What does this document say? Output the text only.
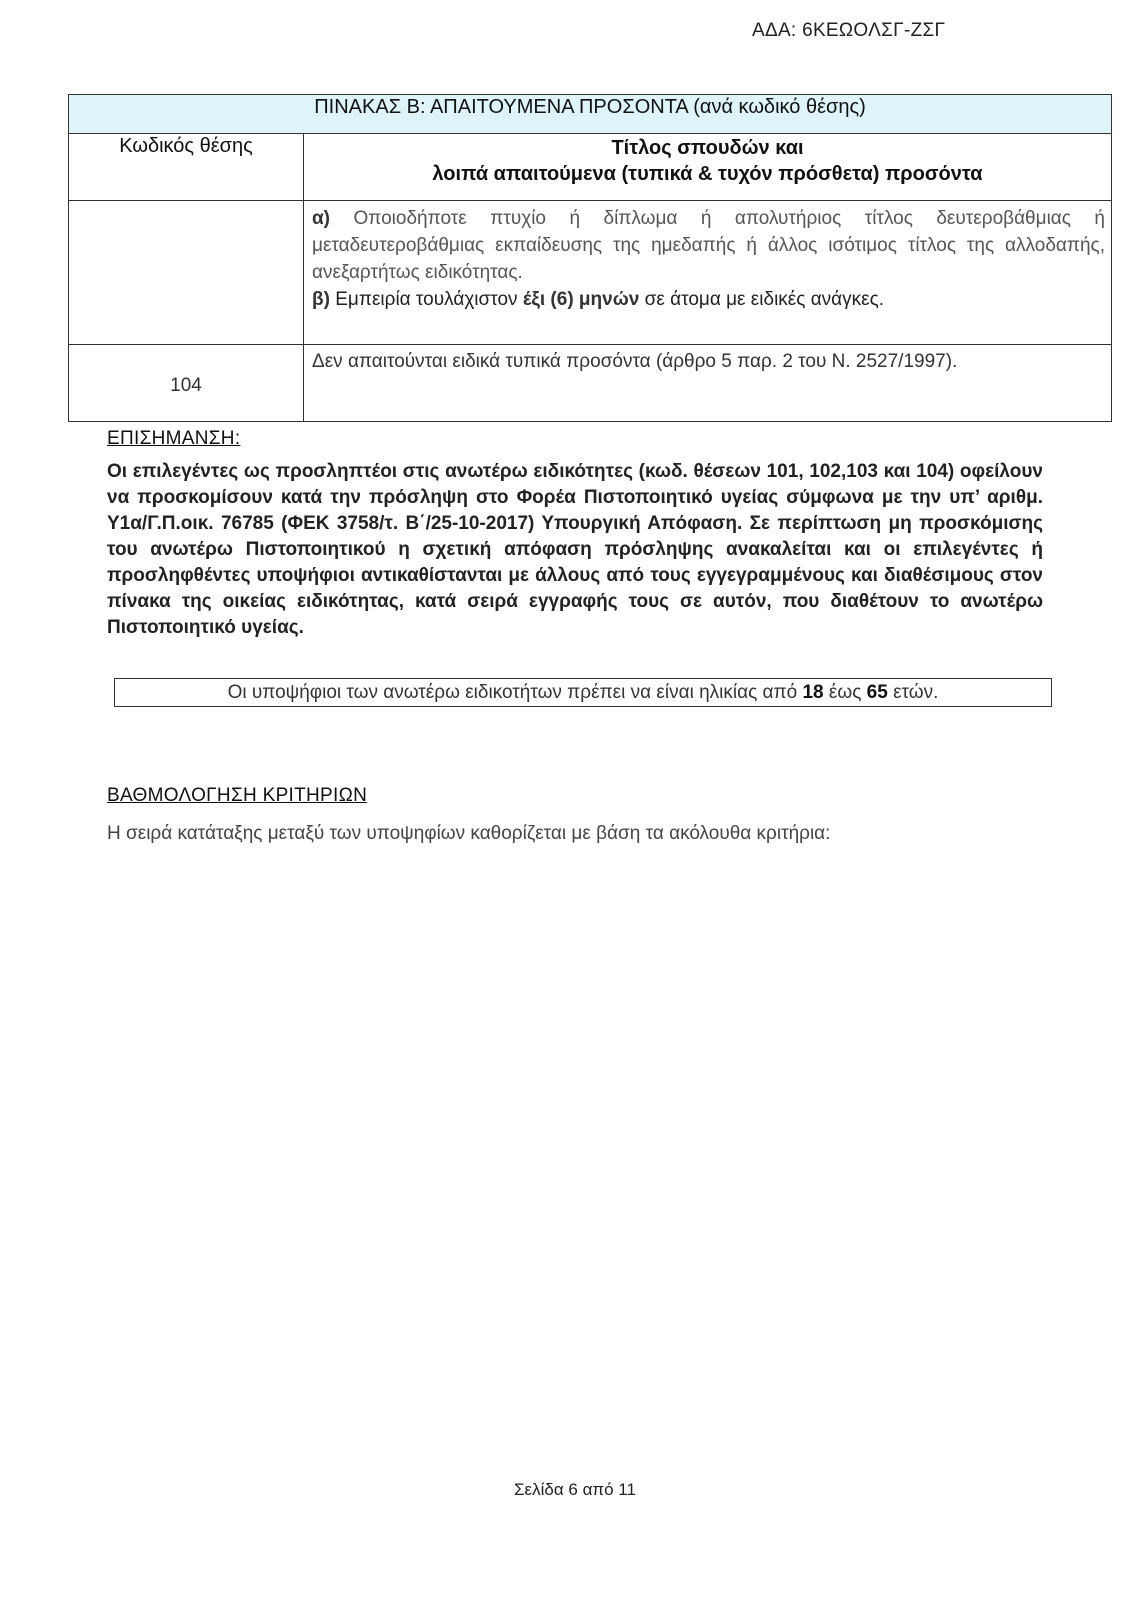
ΑΔΑ: 6ΚΕΩΟΛΣΓ-ΖΣΓ
ΠΙΝΑΚΑΣ Β: ΑΠΑΙΤΟΥΜΕΝΑ ΠΡΟΣΟΝΤΑ (ανά κωδικό θέσης)	
Κωδικός θέσης	Τίτλος σπουδών και
λοιπά απαιτούμενα (τυπικά & τυχόν πρόσθετα) προσόντα

	α) Οποιοδήποτε πτυχίο ή δίπλωμα ή απολυτήριος τίτλος δευτεροβάθμιας ή μεταδευτεροβάθμιας εκπαίδευσης της ημεδαπής ή άλλος ισότιμος τίτλος της αλλοδαπής, ανεξαρτήτως ειδικότητας.
β) Εμπειρία τουλάχιστον έξι (6) μηνών σε άτομα με ειδικές ανάγκες.

104	Δεν απαιτούνται ειδικά τυπικά προσόντα (άρθρο 5 παρ. 2 του Ν. 2527/1997).
ΕΠΙΣΗΜΑΝΣΗ:
Οι επιλεγέντες ως προσληπτέοι στις ανωτέρω ειδικότητες (κωδ. θέσεων 101, 102,103 και 104) οφείλουν να προσκομίσουν κατά την πρόσληψη στο Φορέα Πιστοποιητικό υγείας σύμφωνα με την υπ’ αριθμ. Υ1α/Γ.Π.οικ. 76785 (ΦΕΚ 3758/τ. Β΄/25-10-2017) Υπουργική Απόφαση. Σε περίπτωση μη προσκόμισης του ανωτέρω Πιστοποιητικού η σχετική απόφαση πρόσληψης ανακαλείται και οι επιλεγέντες ή προσληφθέντες υποψήφιοι αντικαθίστανται με άλλους από τους εγγεγραμμένους και διαθέσιμους στον πίνακα της οικείας ειδικότητας, κατά σειρά εγγραφής τους σε αυτόν, που διαθέτουν το ανωτέρω Πιστοποιητικό υγείας.
Οι υποψήφιοι των ανωτέρω ειδικοτήτων πρέπει να είναι ηλικίας από 18 έως 65 ετών.
ΒΑΘΜΟΛΟΓΗΣΗ ΚΡΙΤΗΡΙΩΝ
Η σειρά κατάταξης μεταξύ των υποψηφίων καθορίζεται με βάση τα ακόλουθα κριτήρια:
Σελίδα 6 από 11
